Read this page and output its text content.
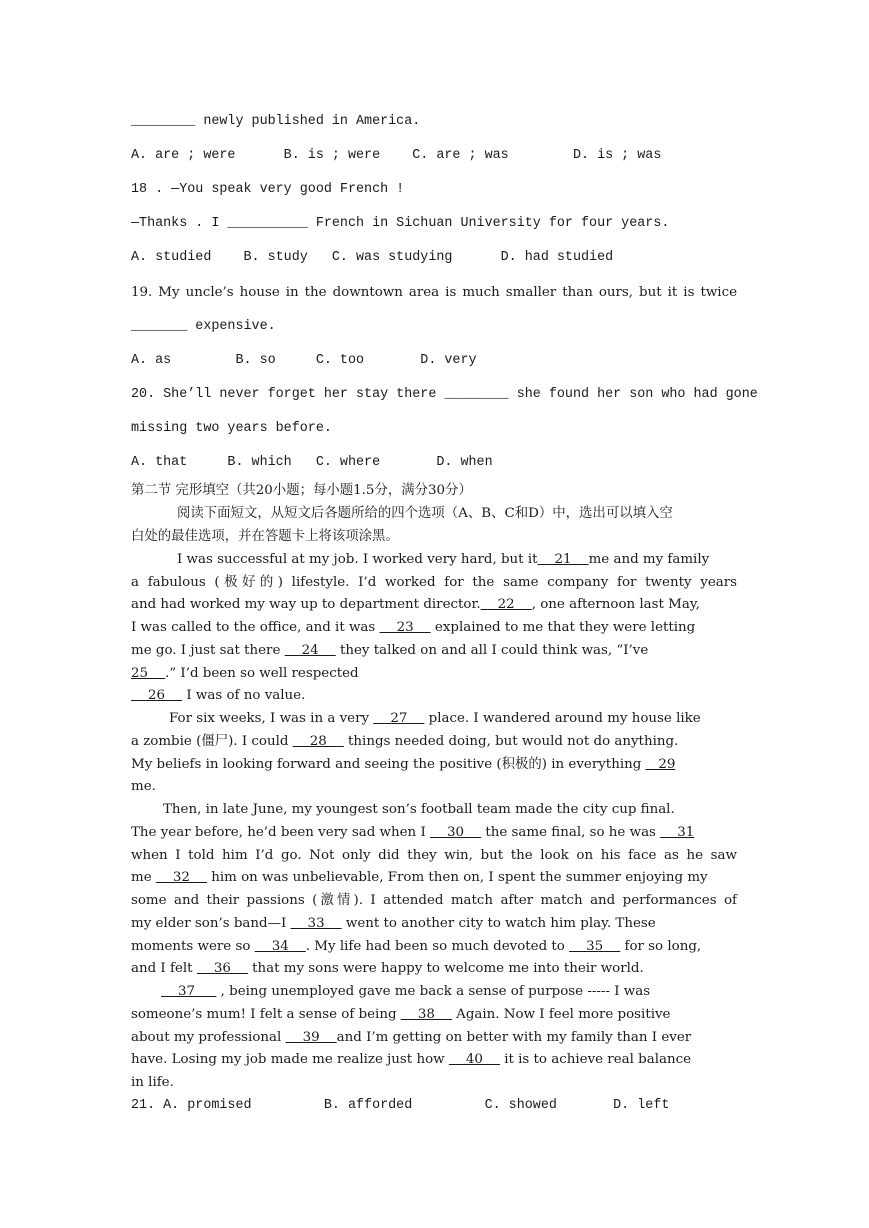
________ newly published in America.
A. are ; were      B. is ; were    C. are ; was        D. is ; was
18 . —You speak very good French !
—Thanks . I __________ French in Sichuan University for four years.
A. studied    B. study   C. was studying      D. had studied
19. My uncle’s house in the downtown area is much smaller than ours, but it is twice
_______ expensive.
A. as        B. so     C. too       D. very
20. She’ll never forget her stay there ________ she found her son who had gone
missing two years before.
A. that     B. which   C. where       D. when
第二节 完形填空（共20小题；每小题1.5分，满分30分）
阅读下面短文，从短文后各题所给的四个选项（A、B、C和D）中，选出可以填入空
白处的最佳选项，并在答题卡上将该项涂黑。
I was successful at my job. I worked very hard, but it    21    me and my family
a fabulous (极好的) lifestyle. I’d worked for the same company for twenty years
and had worked my way up to department director.    22    , one afternoon last May,
I was called to the office, and it was     23     explained to me that they were letting
me go. I just sat there     24     they talked on and all I could think was, “I’ve
25    .” I’d been so well respected
26     I was of no value.
For six weeks, I was in a very     27     place. I wandered around my house like
a zombie (僵尸). I could     28     things needed doing, but would not do anything.
My beliefs in looking forward and seeing the positive (积极的) in everything    29
me.
Then, in late June, my youngest son’s football team made the city cup final.
The year before, he’d been very sad when I     30     the same final, so he was     31
when I told him I’d go. Not only did they win, but the look on his face as he saw
me     32     him on was unbelievable, From then on, I spent the summer enjoying my
some and their passions (激情). I attended match after match and performances of
my elder son’s band—I     33     went to another city to watch him play. These
moments were so     34    . My life had been so much devoted to     35     for so long,
and I felt     36     that my sons were happy to welcome me into their world.
37      , being unemployed gave me back a sense of purpose ----- I was
someone’s mum! I felt a sense of being     38     Again. Now I feel more positive
about my professional     39    and I’m getting on better with my family than I ever
have. Losing my job made me realize just how     40     it is to achieve real balance
in life.
21. A. promised         B. afforded         C. showed       D. left
